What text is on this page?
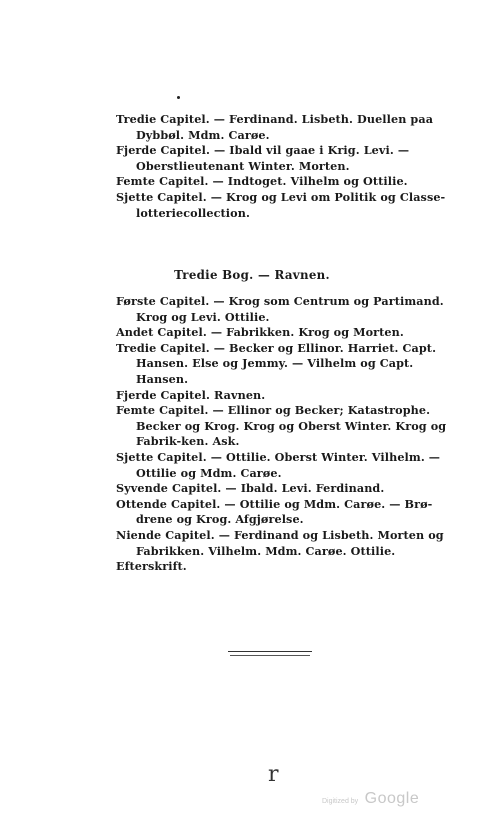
Tredie Capitel. — Ferdinand. Lisbeth. Duellen paa Dybbøl. Mdm. Carøe.

Fjerde Capitel. — Ibald vil gaae i Krig. Levi. — Oberstlieutenant Winter. Morten.

Femte Capitel. — Indtoget. Vilhelm og Ottilie.

Sjette Capitel. — Krog og Levi om Politik og Classe-lotteriecollection.

Tredie Bog. — Ravnen.

Første Capitel. — Krog som Centrum og Partimand. Krog og Levi. Ottilie.

Andet Capitel. — Fabrikken. Krog og Morten.

Tredie Capitel. — Becker og Ellinor. Harriet. Capt. Hansen. Else og Jemmy. — Vilhelm og Capt. Hansen.

Fjerde Capitel. Ravnen.

Femte Capitel. — Ellinor og Becker; Katastrophe. Becker og Krog. Krog og Oberst Winter. Krog og Fabrik-ken. Ask.

Sjette Capitel. — Ottilie. Oberst Winter. Vilhelm. — Ottilie og Mdm. Carøe.

Syvende Capitel. — Ibald. Levi. Ferdinand.

Ottende Capitel. — Ottilie og Mdm. Carøe. — Brø-drene og Krog. Afgjørelse.

Niende Capitel. — Ferdinand og Lisbeth. Morten og Fabrikken. Vilhelm. Mdm. Carøe. Ottilie.

Efterskrift.

r
Digitized by Google
